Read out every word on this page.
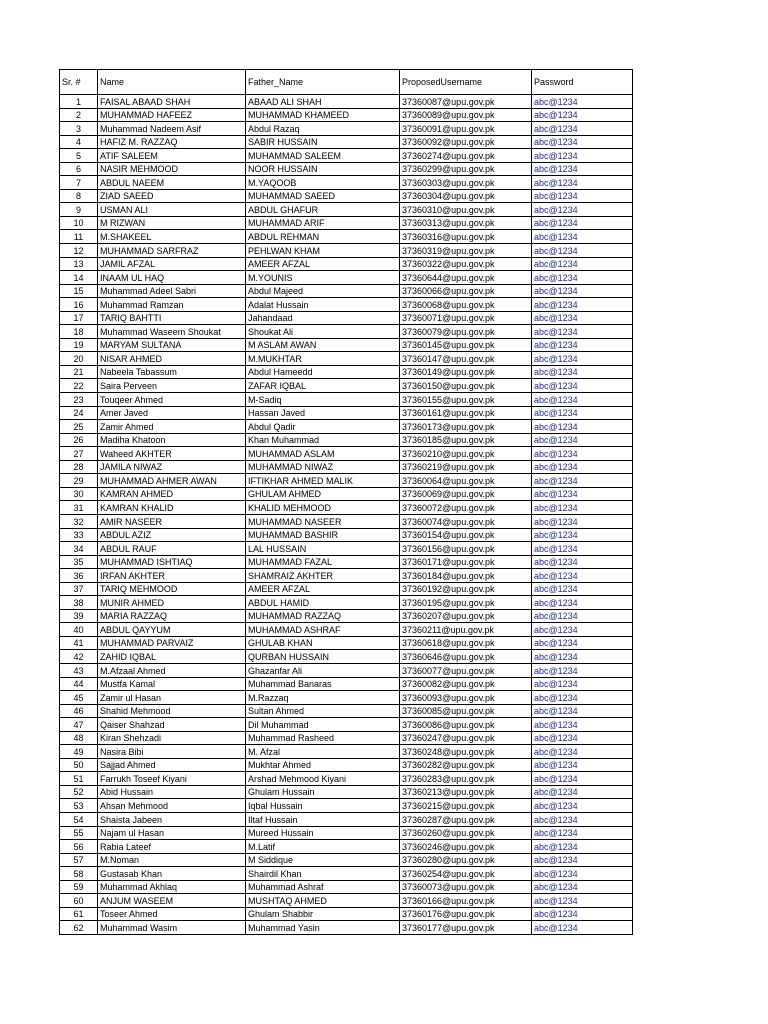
Sr. #	Name	Father_Name	ProposedUsername	Password
1	FAISAL ABAAD SHAH	ABAAD ALI SHAH	37360087@upu.gov.pk	abc@1234
2	MUHAMMAD HAFEEZ	MUHAMMAD KHAMEED	37360089@upu.gov.pk	abc@1234
3	Muhammad Nadeem Asif	Abdul Razaq	37360091@upu.gov.pk	abc@1234
4	HAFIZ M. RAZZAQ	SABIR HUSSAIN	37360092@upu.gov.pk	abc@1234
5	ATIF SALEEM	MUHAMMAD SALEEM	37360274@upu.gov.pk	abc@1234
6	NASIR MEHMOOD	NOOR HUSSAIN	37360299@upu.gov.pk	abc@1234
7	ABDUL NAEEM	M.YAQOOB	37360303@upu.gov.pk	abc@1234
8	ZIAD SAEED	MUHAMMAD SAEED	37360304@upu.gov.pk	abc@1234
9	USMAN ALI	ABDUL GHAFUR	37360310@upu.gov.pk	abc@1234
10	M RIZWAN	MUHAMMAD ARIF	37360313@upu.gov.pk	abc@1234
11	M.SHAKEEL	ABDUL REHMAN	37360316@upu.gov.pk	abc@1234
12	MUHAMMAD SARFRAZ	PEHLWAN KHAM	37360319@upu.gov.pk	abc@1234
13	JAMIL AFZAL	AMEER AFZAL	37360322@upu.gov.pk	abc@1234
14	INAAM UL HAQ	M.YOUNIS	37360644@upu.gov.pk	abc@1234
15	Muhammad Adeel Sabri	Abdul Majeed	37360066@upu.gov.pk	abc@1234
16	Muhammad Ramzan	Adalat Hussain	37360068@upu.gov.pk	abc@1234
17	TARIQ BAHTTI	Jahandaad	37360071@upu.gov.pk	abc@1234
18	Muhammad Waseem Shoukat	Shoukat Ali	37360079@upu.gov.pk	abc@1234
19	MARYAM SULTANA	M ASLAM AWAN	37360145@upu.gov.pk	abc@1234
20	NISAR AHMED	M.MUKHTAR	37360147@upu.gov.pk	abc@1234
21	Nabeela Tabassum	Abdul Hameedd	37360149@upu.gov.pk	abc@1234
22	Saira Perveen	ZAFAR IQBAL	37360150@upu.gov.pk	abc@1234
23	Touqeer Ahmed	M-Sadiq	37360155@upu.gov.pk	abc@1234
24	Amer Javed	Hassan Javed	37360161@upu.gov.pk	abc@1234
25	Zamir Ahmed	Abdul Qadir	37360173@upu.gov.pk	abc@1234
26	Madiha Khatoon	Khan Muhammad	37360185@upu.gov.pk	abc@1234
27	Waheed AKHTER	MUHAMMAD ASLAM	37360210@upu.gov.pk	abc@1234
28	JAMILA NIWAZ	MUHAMMAD NIWAZ	37360219@upu.gov.pk	abc@1234
29	MUHAMMAD AHMER AWAN	IFTIKHAR AHMED MALIK	37360064@upu.gov.pk	abc@1234
30	KAMRAN AHMED	GHULAM AHMED	37360069@upu.gov.pk	abc@1234
31	KAMRAN KHALID	KHALID MEHMOOD	37360072@upu.gov.pk	abc@1234
32	AMIR NASEER	MUHAMMAD NASEER	37360074@upu.gov.pk	abc@1234
33	ABDUL AZIZ	MUHAMMAD BASHIR	37360154@upu.gov.pk	abc@1234
34	ABDUL RAUF	LAL HUSSAIN	37360156@upu.gov.pk	abc@1234
35	MUHAMMAD ISHTIAQ	MUHAMMAD FAZAL	37360171@upu.gov.pk	abc@1234
36	IRFAN AKHTER	SHAMRAIZ AKHTER	37360184@upu.gov.pk	abc@1234
37	TARIQ MEHMOOD	AMEER AFZAL	37360192@upu.gov.pk	abc@1234
38	MUNIR AHMED	ABDUL HAMID	37360195@upu.gov.pk	abc@1234
39	MARIA RAZZAQ	MUHAMMAD RAZZAQ	37360207@upu.gov.pk	abc@1234
40	ABDUL QAYYUM	MUHAMMAD ASHRAF	37360211@upu.gov.pk	abc@1234
41	MUHAMMAD PARVAIZ	GHULAB KHAN	37360618@upu.gov.pk	abc@1234
42	ZAHID IQBAL	QURBAN HUSSAIN	37360646@upu.gov.pk	abc@1234
43	M.Afzaal Ahmed	Ghazanfar Ali	37360077@upu.gov.pk	abc@1234
44	Mustfa Kamal	Muhammad Banaras	37360082@upu.gov.pk	abc@1234
45	Zamir ul Hasan	M.Razzaq	37360093@upu.gov.pk	abc@1234
46	Shahid Mehmood	Sultan Ahmed	37360085@upu.gov.pk	abc@1234
47	Qaiser Shahzad	Dil Muhammad	37360086@upu.gov.pk	abc@1234
48	Kiran Shehzadi	Muhammad Rasheed	37360247@upu.gov.pk	abc@1234
49	Nasira Bibi	M. Afzal	37360248@upu.gov.pk	abc@1234
50	Sajjad Ahmed	Mukhtar Ahmed	37360282@upu.gov.pk	abc@1234
51	Farrukh Toseef Kiyani	Arshad Mehmood Kiyani	37360283@upu.gov.pk	abc@1234
52	Abid Hussain	Ghulam Hussain	37360213@upu.gov.pk	abc@1234
53	Ahsan Mehmood	Iqbal Hussain	37360215@upu.gov.pk	abc@1234
54	Shaista Jabeen	Iltaf Hussain	37360287@upu.gov.pk	abc@1234
55	Najam ul Hasan	Mureed Hussain	37360260@upu.gov.pk	abc@1234
56	Rabia Lateef	M.Latif	37360246@upu.gov.pk	abc@1234
57	M.Noman	M Siddique	37360280@upu.gov.pk	abc@1234
58	Gustasab Khan	Shairdil Khan	37360254@upu.gov.pk	abc@1234
59	Muhammad Akhlaq	Muhammad Ashraf	37360073@upu.gov.pk	abc@1234
60	ANJUM WASEEM	MUSHTAQ AHMED	37360166@upu.gov.pk	abc@1234
61	Toseer Ahmed	Ghulam Shabbir	37360176@upu.gov.pk	abc@1234
62	Muhammad Wasim	Muhammad Yasin	37360177@upu.gov.pk	abc@1234
